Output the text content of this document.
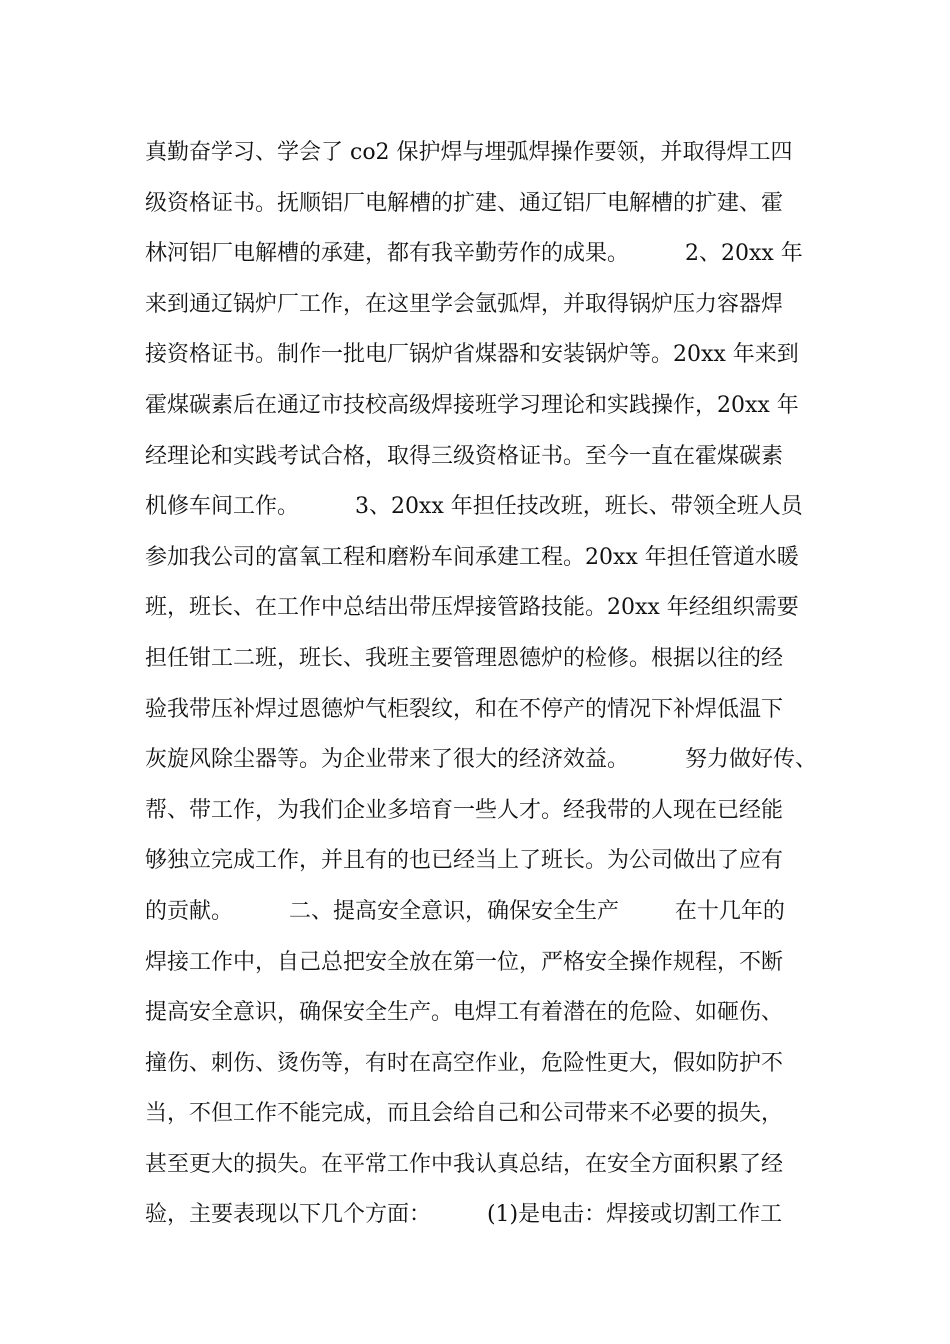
真勤奋学习、学会了 co2 保护焊与埋弧焊操作要领，并取得焊工四
级资格证书。抚顺铝厂电解槽的扩建、通辽铝厂电解槽的扩建、霍
林河铝厂电解槽的承建，都有我辛勤劳作的成果。        2、20xx 年
来到通辽锅炉厂工作，在这里学会氩弧焊，并取得锅炉压力容器焊
接资格证书。制作一批电厂锅炉省煤器和安装锅炉等。20xx 年来到
霍煤碳素后在通辽市技校高级焊接班学习理论和实践操作，20xx 年
经理论和实践考试合格，取得三级资格证书。至今一直在霍煤碳素
机修车间工作。        3、20xx 年担任技改班，班长、带领全班人员
参加我公司的富氧工程和磨粉车间承建工程。20xx 年担任管道水暖
班，班长、在工作中总结出带压焊接管路技能。20xx 年经组织需要
担任钳工二班，班长、我班主要管理恩德炉的检修。根据以往的经
验我带压补焊过恩德炉气柜裂纹，和在不停产的情况下补焊低温下
灰旋风除尘器等。为企业带来了很大的经济效益。        努力做好传、
帮、带工作，为我们企业多培育一些人才。经我带的人现在已经能
够独立完成工作，并且有的也已经当上了班长。为公司做出了应有
的贡献。        二、提高安全意识，确保安全生产        在十几年的
焊接工作中，自己总把安全放在第一位，严格安全操作规程，不断
提高安全意识，确保安全生产。电焊工有着潜在的危险、如砸伤、
撞伤、刺伤、烫伤等，有时在高空作业，危险性更大，假如防护不
当，不但工作不能完成，而且会给自己和公司带来不必要的损失，
甚至更大的损失。在平常工作中我认真总结，在安全方面积累了经
验，主要表现以下几个方面：        (1)是电击：焊接或切割工作工
